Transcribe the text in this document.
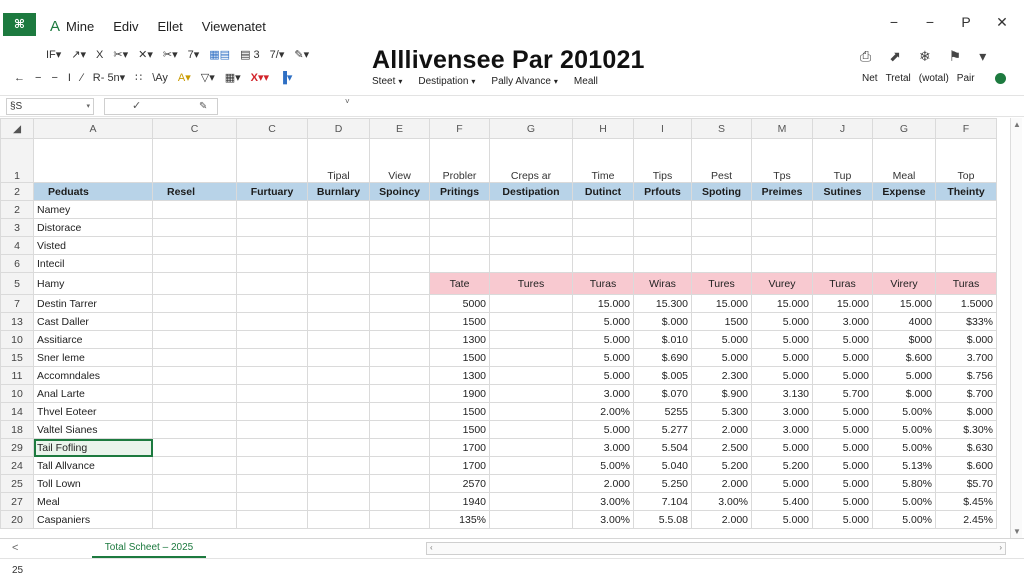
⌘	A Mine Ediv Ellet Viewenatet	− − P ✕
IF▾ ↗▾ X ✂▾ ✕▾ ✂▾ 7▾ ▦▤ ▤ 3 7/▾ ✎▾
← − − I ∕ R‑ 5n▾ ∷ \Ay A▾ ▽▾ ▦▾ X▾▾ ▐▾
Alllivensee Par 201021
Steet ▾ Destipation ▾ Pally Alvance ▾ Meall
⎙ ⬈ ❄ ⚑ ▾
Net Tretal (wotal) Pair
§S	▾	✓	✎	˅
◢	A	C	C	D	E	F	G	H	I	S	M	J	G	F
1				Tipal	View	Probler	Creps ar	Time	Tips	Pest	Tps	Tup	Meal	Top
2	Peduats	Resel	Furtuary	Burnlary	Spoincy	Pritings	Destipation	Dutinct	Prfouts	Spoting	Preimes	Sutines	Expense	Theinty
2	Namey													
3	Distorace													
4	Visted													
6	Intecil													
5	Hamy					Tate	Tures	Turas	Wiras	Tures	Vurey	Turas	Virery	Turas
7	Destin Tarrer					5000		15.000	15.300	15.000	15.000	15.000	15.000	1.5000
13	Cast Daller					1500		5.000	$.000	1500	5.000	3.000	4000	$33%
10	Assitiarce					1300		5.000	$.010	5.000	5.000	5.000	$000	$.000
15	Sner leme					1500		5.000	$.690	5.000	5.000	5.000	$.600	3.700
11	Accomndales					1300		5.000	$.005	2.300	5.000	5.000	5.000	$.756
10	Anal Larte					1900		3.000	$.070	$.900	3.130	5.700	$.000	$.700
14	Thvel Eoteer					1500		2.00%	5255	5.300	3.000	5.000	5.00%	$.000
18	Valtel Sianes					1500		5.000	5.277	2.000	3.000	5.000	5.00%	$.30%
29	Tail Fofling					1700		3.000	5.504	2.500	5.000	5.000	5.00%	$.630
24	Tall Allvance					1700		5.00%	5.040	5.200	5.200	5.000	5.13%	$.600
25	Toll Lown					2570		2.000	5.250	2.000	5.000	5.000	5.80%	$5.70
27	Meal					1940		3.00%	7.104	3.00%	5.400	5.000	5.00%	$.45%
20	Caspaniers					135%		3.00%	5.5.08	2.000	5.000	5.000	5.00%	2.45%
▲
▼
<	Total Scheet – 2025	‹	›
25
